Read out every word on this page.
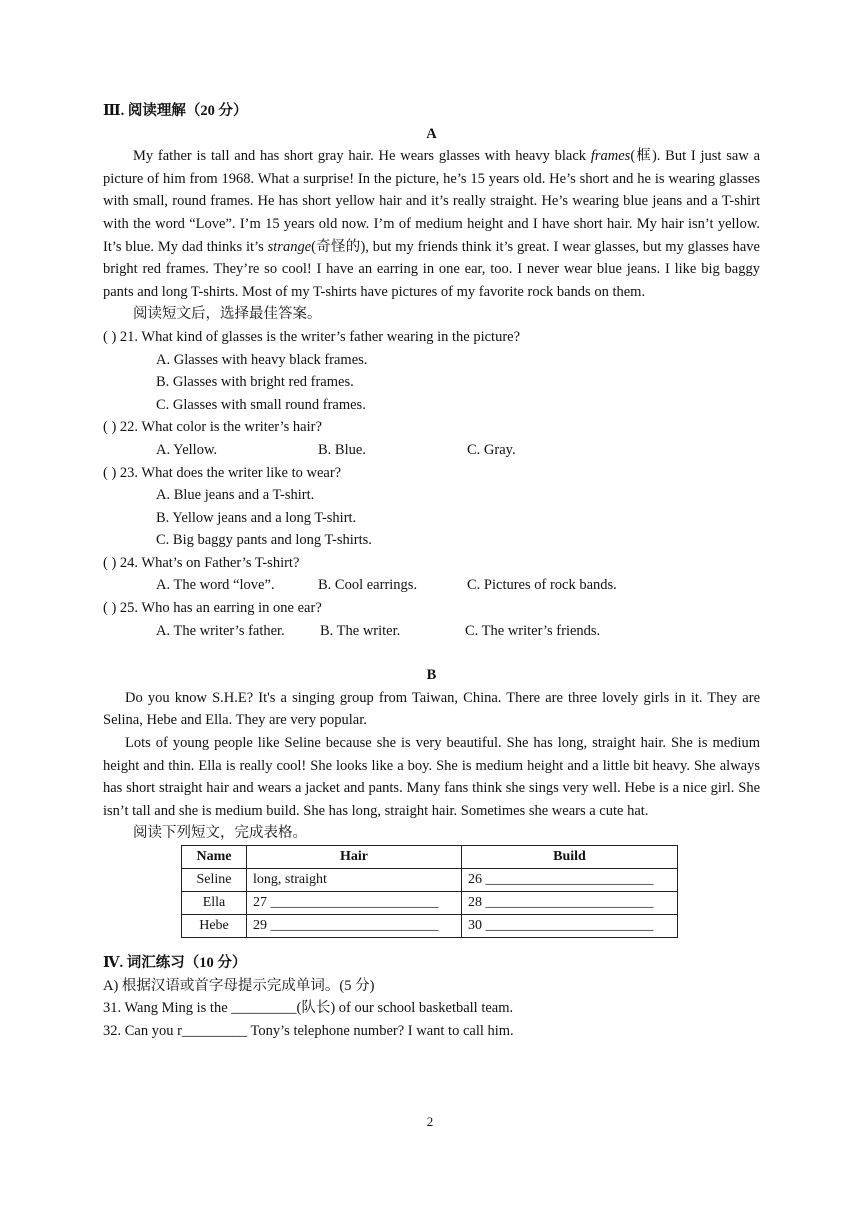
Ⅲ. 阅读理解（20 分）
A
My father is tall and has short gray hair. He wears glasses with heavy black frames(框). But I just saw a picture of him from 1968. What a surprise! In the picture, he’s 15 years old. He’s short and he is wearing glasses with small, round frames. He has short yellow hair and it’s really straight. He’s wearing blue jeans and a T-shirt with the word “Love”. I’m 15 years old now. I’m of medium height and I have short hair. My hair isn’t yellow. It’s blue. My dad thinks it’s strange(奇怪的), but my friends think it’s great. I wear glasses, but my glasses have bright red frames. They’re so cool! I have an earring in one ear, too. I never wear blue jeans. I like big baggy pants and long T-shirts. Most of my T-shirts have pictures of my favorite rock bands on them.
阅读短文后，选择最佳答案。
( ) 21. What kind of glasses is the writer’s father wearing in the picture?
A. Glasses with heavy black frames.
B. Glasses with bright red frames.
C. Glasses with small round frames.
( ) 22. What color is the writer’s hair?
A. Yellow.	B. Blue.	C. Gray.
( ) 23. What does the writer like to wear?
A. Blue jeans and a T-shirt.
B. Yellow jeans and a long T-shirt.
C. Big baggy pants and long T-shirts.
( ) 24. What’s on Father’s T-shirt?
A. The word “love”.	B. Cool earrings.	C. Pictures of rock bands.
( ) 25. Who has an earring in one ear?
A. The writer’s father.	B. The writer.	C. The writer’s friends.
B
Do you know S.H.E? It's a singing group from Taiwan, China. There are three lovely girls in it. They are Selina, Hebe and Ella. They are very popular.
Lots of young people like Seline because she is very beautiful. She has long, straight hair. She is medium height and thin. Ella is really cool! She looks like a boy. She is medium height and a little bit heavy. She always has short straight hair and wears a jacket and pants. Many fans think she sings very well. Hebe is a nice girl. She isn’t tall and she is medium build. She has long, straight hair. Sometimes she wears a cute hat.
阅读下列短文，完成表格。
Name	Hair	Build
Seline	long, straight	26 ________________________
Ella	27 ________________________	28 ________________________
Hebe	29 ________________________	30 ________________________
Ⅳ. 词汇练习（10 分）
A) 根据汉语或首字母提示完成单词。(5 分)
31. Wang Ming is the _________(队长) of our school basketball team.
32. Can you r_________ Tony’s telephone number? I want to call him.
2
